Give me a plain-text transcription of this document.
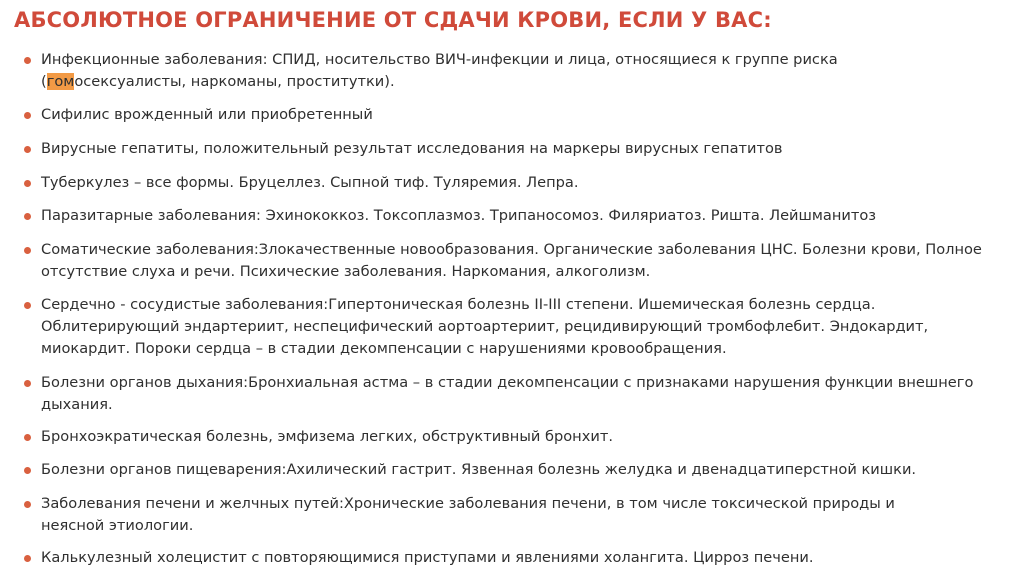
АБСОЛЮТНОЕ ОГРАНИЧЕНИЕ ОТ СДАЧИ КРОВИ, ЕСЛИ У ВАС:
Инфекционные заболевания: СПИД, носительство ВИЧ-инфекции и лица, относящиеся к группе риска (гомосексуалисты, наркоманы, проститутки).
Сифилис врожденный или приобретенный
Вирусные гепатиты, положительный результат исследования на маркеры вирусных гепатитов
Туберкулез – все формы. Бруцеллез. Сыпной тиф. Туляремия. Лепра.
Паразитарные заболевания: Эхинококкоз. Токсоплазмоз. Трипаносомоз. Филяриатоз. Ришта. Лейшманитоз
Соматические заболевания:Злокачественные новообразования. Органические заболевания ЦНС. Болезни крови, Полное отсутствие слуха и речи. Психические заболевания. Наркомания, алкоголизм.
Сердечно - сосудистые заболевания:Гипертоническая болезнь II-III степени. Ишемическая болезнь сердца. Облитерирующий эндартериит, неспецифический аортоартериит, рецидивирующий тромбофлебит. Эндокардит, миокардит. Пороки сердца – в стадии декомпенсации с нарушениями кровообращения.
Болезни органов дыхания:Бронхиальная астма – в стадии декомпенсации с признаками нарушения функции внешнего дыхания.
Бронхоэкратическая болезнь, эмфизема легких, обструктивный бронхит.
Болезни органов пищеварения:Ахилический гастрит. Язвенная болезнь желудка и двенадцатиперстной кишки.
Заболевания печени и желчных путей:Хронические заболевания печени, в том числе токсической природы и неясной этиологии.
Калькулезный холецистит с повторяющимися приступами и явлениями холангита. Цирроз печени.
